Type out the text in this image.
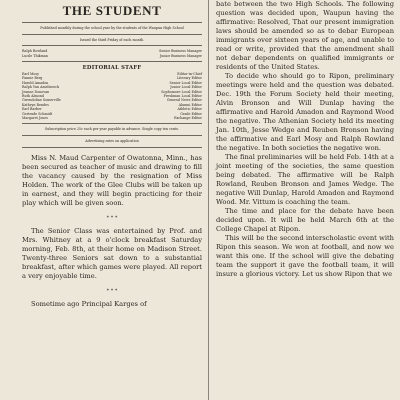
THE STUDENT
Published monthly during the school year by the students of the Waupun High School
Issued the third Friday of each month.
Ralph Rowland	Senior Business Manager
Lucile Thikman	Junior Business Manager
EDITORIAL STAFF
Earl Mosy	Editor-in-Chief
Fannie Berg	Literary Editor
Harold Amadon	Senior Local Editor
Ralph Van Ameliroeck	Junior Local Editor
Jeanne Donovan	Sophomore Local Editor
Ruth Almond	Freshman Local Editor
Gwendoline Somerville	General News Editor
Kathryn Rendes	Alumni Editor
Earl Barber	Athletic Editor
Gertrude Schmidt	Grade Editor
Margaret Jones	Exchange Editor
Subscription price 25c each per year payable in advance. Single copy ten cents.
Advertising rates on application

Miss N. Maud Carpenter of Owatonna, Minn., has been secured as teacher of music and drawing to fill the vacancy caused by the resignation of Miss Holden. The work of the Glee Clubs will be taken up in earnest, and they will begin practicing for their play which will be given soon.

* * *

The Senior Class was entertained by Prof. and Mrs. Whitney at a 9 o'clock breakfast Saturday morning, Feb. 8th, at their home on Madison Street. Twenty-three Seniors sat down to a substantial breakfast, after which games were played. All report a very enjoyable time.

* * *

Sometime ago Principal Karges of

bate between the two High Schools. The following question was decided upon, Waupun having the affirmative: Resolved, That our present immigration laws should be amended so as to debar European immigrants over sixteen years of age, and unable to read or write, provided that the amendment shall not debar dependents on qualified immigrants or residents of the United States.

To decide who should go to Ripon, preliminary meetings were held and the question was debated. Dec. 19th the Forum Society held their meeting, Alvin Bronson and Will Dunlap having the affirmative and Harold Amadon and Raymond Wood the negative. The Athenian Society held its meeting Jan. 10th, Jesse Wedge and Reuben Bronson having the affirmative and Earl Mosy and Ralph Rowland the negative. In both societies the negative won.

The final preliminaries will be held Feb. 14th at a joint meeting of the societies, the same question being debated. The affirmative will be Ralph Rowland, Reuben Bronson and James Wedge. The negative Will Dunlap, Harold Amadon and Raymond Wood. Mr. Vittum is coaching the team.

The time and place for the debate have been decided upon. It will be held March 6th at the College Chapel at Ripon.

This will be the second interscholastic event with Ripon this season. We won at football, and now we want this one. If the school will give the debating team the support it gave the football team, it will insure a glorious victory. Let us show Ripon that we
